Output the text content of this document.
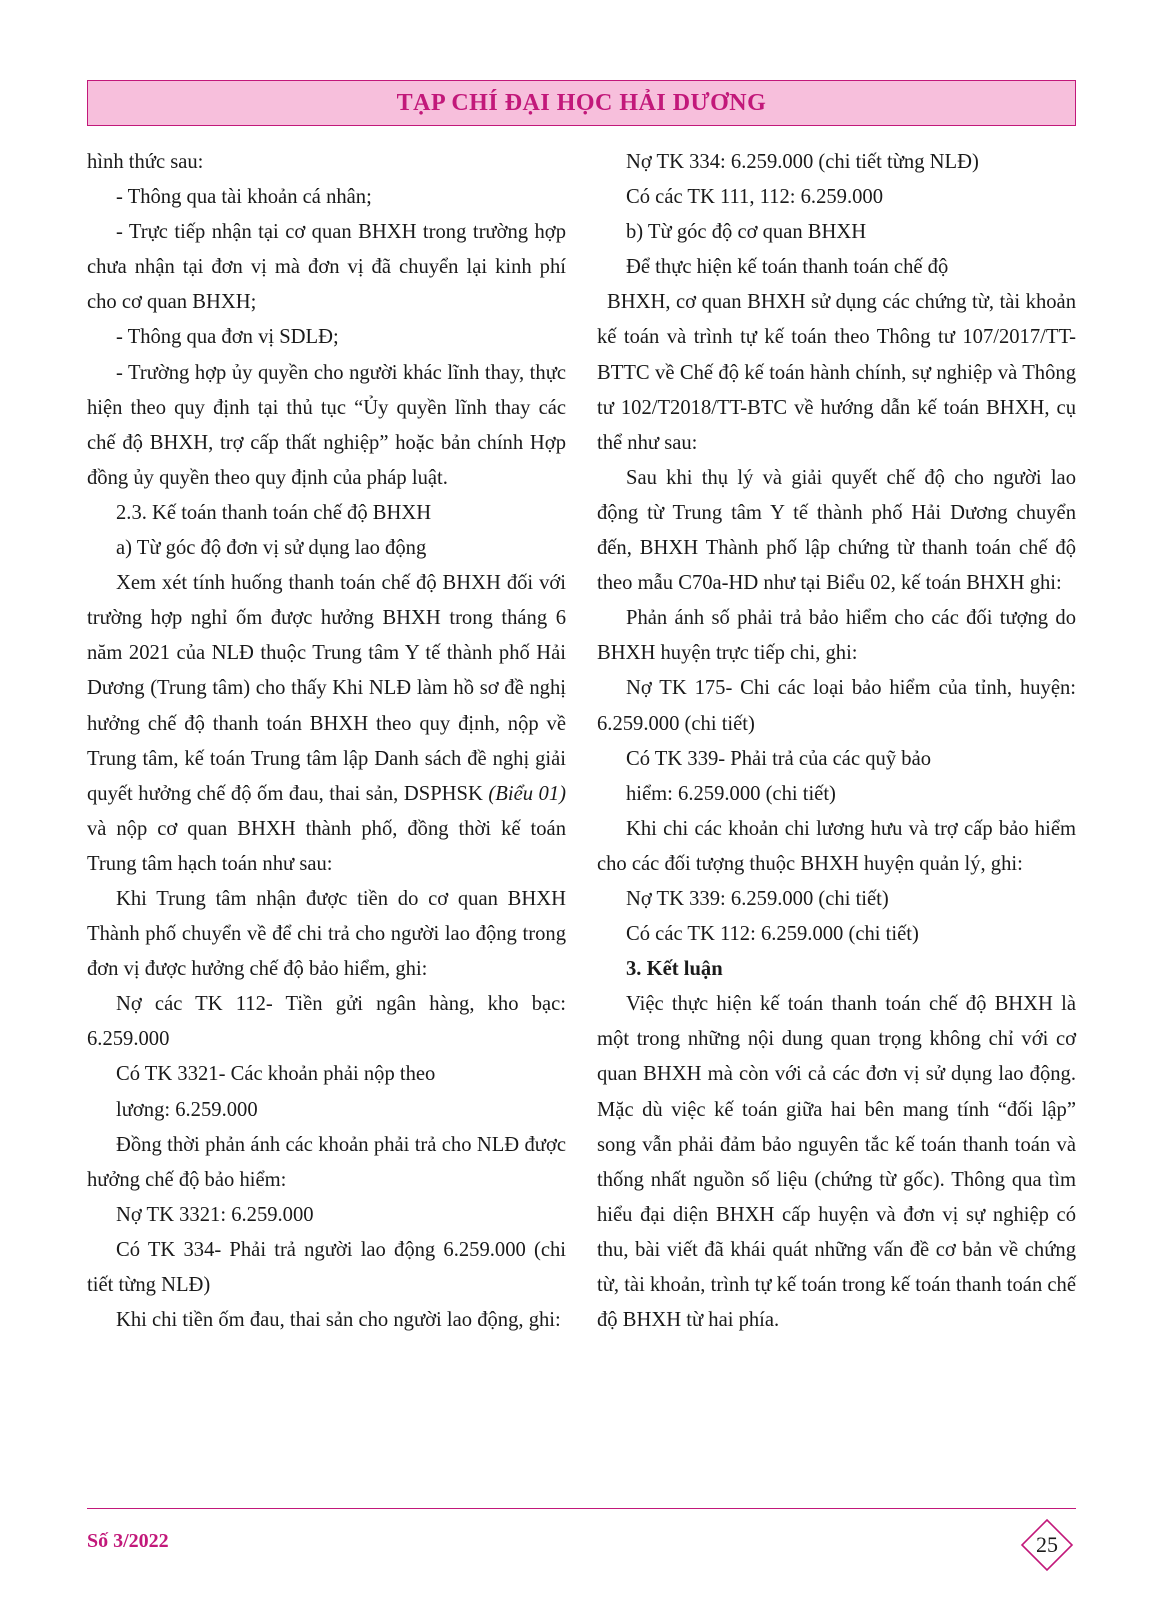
TẠP CHÍ ĐẠI HỌC HẢI DƯƠNG

hình thức sau:

- Thông qua tài khoản cá nhân;

- Trực tiếp nhận tại cơ quan BHXH trong trường hợp chưa nhận tại đơn vị mà đơn vị đã chuyển lại kinh phí cho cơ quan BHXH;

- Thông qua đơn vị SDLĐ;

- Trường hợp ủy quyền cho người khác lĩnh thay, thực hiện theo quy định tại thủ tục “Ủy quyền lĩnh thay các chế độ BHXH, trợ cấp thất nghiệp” hoặc bản chính Hợp đồng ủy quyền theo quy định của pháp luật.

2.3. Kế toán thanh toán chế độ BHXH

a) Từ góc độ đơn vị sử dụng lao động

Xem xét tính huống thanh toán chế độ BHXH đối với trường hợp nghỉ ốm được hưởng BHXH trong tháng 6 năm 2021 của NLĐ thuộc Trung tâm Y tế thành phố Hải Dương (Trung tâm) cho thấy Khi NLĐ làm hồ sơ đề nghị hưởng chế độ thanh toán BHXH theo quy định, nộp về Trung tâm, kế toán Trung tâm lập Danh sách đề nghị giải quyết hưởng chế độ ốm đau, thai sản, DSPHSK (Biểu 01) và nộp cơ quan BHXH thành phố, đồng thời kế toán Trung tâm hạch toán như sau:

Khi Trung tâm nhận được tiền do cơ quan BHXH Thành phố chuyển về để chi trả cho người lao động trong đơn vị được hưởng chế độ bảo hiểm, ghi:

Nợ các TK 112- Tiền gửi ngân hàng, kho bạc: 6.259.000

Có TK 3321- Các khoản phải nộp theo

lương: 6.259.000

Đồng thời phản ánh các khoản phải trả cho NLĐ được hưởng chế độ bảo hiểm:

Nợ TK 3321: 6.259.000

Có TK 334- Phải trả người lao động 6.259.000 (chi tiết từng NLĐ)

Khi chi tiền ốm đau, thai sản cho người lao động, ghi:

Nợ TK 334: 6.259.000 (chi tiết từng NLĐ)

Có các TK 111, 112: 6.259.000

b) Từ góc độ cơ quan BHXH

Để thực hiện kế toán thanh toán chế độ

BHXH, cơ quan BHXH sử dụng các chứng từ, tài khoản kế toán và trình tự kế toán theo Thông tư 107/2017/TT-BTTC về Chế độ kế toán hành chính, sự nghiệp và Thông tư 102/T2018/TT-BTC về hướng dẫn kế toán BHXH, cụ thể như sau:

Sau khi thụ lý và giải quyết chế độ cho người lao động từ Trung tâm Y tế thành phố Hải Dương chuyển đến, BHXH Thành phố lập chứng từ thanh toán chế độ theo mẫu C70a-HD như tại Biểu 02, kế toán BHXH ghi:

Phản ánh số phải trả bảo hiểm cho các đối tượng do BHXH huyện trực tiếp chi, ghi:

Nợ TK 175- Chi các loại bảo hiểm của tỉnh, huyện: 6.259.000 (chi tiết)

Có TK 339- Phải trả của các quỹ bảo

hiểm: 6.259.000 (chi tiết)

Khi chi các khoản chi lương hưu và trợ cấp bảo hiểm cho các đối tượng thuộc BHXH huyện quản lý, ghi:

Nợ TK 339: 6.259.000 (chi tiết)

Có các TK 112: 6.259.000 (chi tiết)

3. Kết luận

Việc thực hiện kế toán thanh toán chế độ BHXH là một trong những nội dung quan trọng không chỉ với cơ quan BHXH mà còn với cả các đơn vị sử dụng lao động. Mặc dù việc kế toán giữa hai bên mang tính “đối lập” song vẫn phải đảm bảo nguyên tắc kế toán thanh toán và thống nhất nguồn số liệu (chứng từ gốc). Thông qua tìm hiểu đại diện BHXH cấp huyện và đơn vị sự nghiệp có thu, bài viết đã khái quát những vấn đề cơ bản về chứng từ, tài khoản, trình tự kế toán trong kế toán thanh toán chế độ BHXH từ hai phía.

Số 3/2022	25
